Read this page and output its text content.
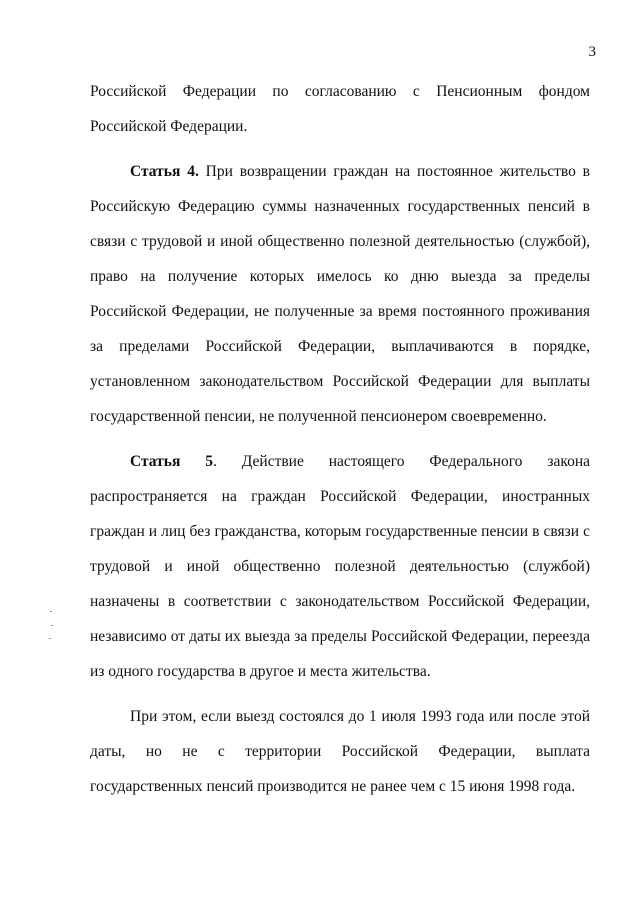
3

Российской Федерации по согласованию с Пенсионным фондом Российской Федерации.

Статья 4. При возвращении граждан на постоянное жительство в Российскую Федерацию суммы назначенных государственных пенсий в связи с трудовой и иной общественно полезной деятельностью (службой), право на получение которых имелось ко дню выезда за пределы Российской Федерации, не полученные за время постоянного проживания за пределами Российской Федерации, выплачиваются в порядке, установленном законодательством Российской Федерации для выплаты государственной пенсии, не полученной пенсионером своевременно.

Статья 5. Действие настоящего Федерального закона распространяется на граждан Российской Федерации, иностранных граждан и лиц без гражданства, которым государственные пенсии в связи с трудовой и иной общественно полезной деятельностью (службой) назначены в соответствии с законодательством Российской Федерации, независимо от даты их выезда за пределы Российской Федерации, переезда из одного государства в другое и места жительства.

При этом, если выезд состоялся до 1 июля 1993 года или после этой даты, но не с территории Российской Федерации, выплата государственных пенсий производится не ранее чем с 15 июня 1998 года.
